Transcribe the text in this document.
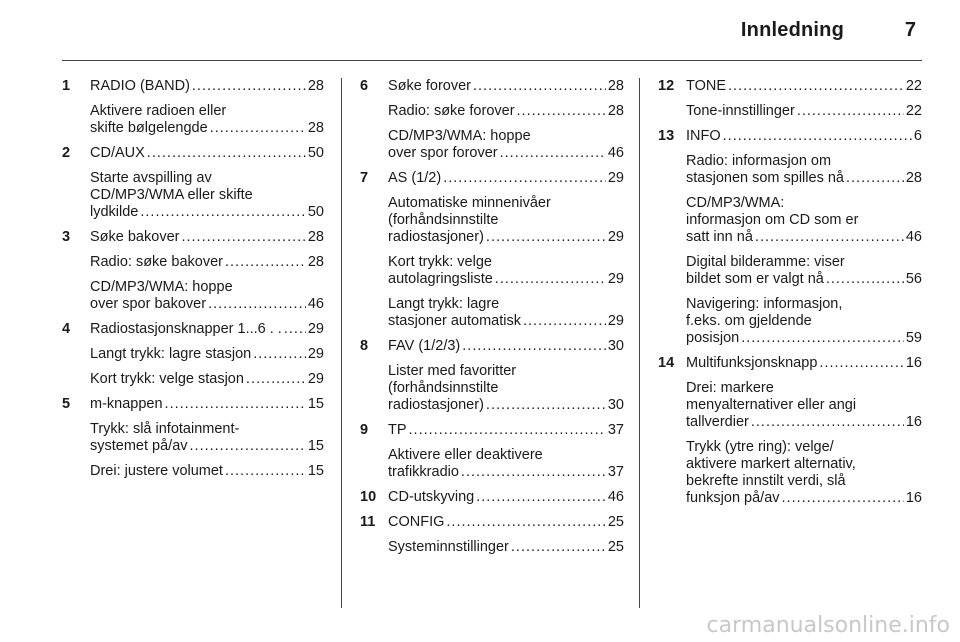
Innledning	7
1 RADIO (BAND) .....	28
Aktivere radioen eller
skifte bølgelengde .....	28
2 CD/AUX .....	50
Starte avspilling av
CD/MP3/WMA eller skifte
lydkilde .....	50
3 Søke bakover .....	28
Radio: søke bakover .....	28
CD/MP3/WMA: hoppe
over spor bakover .....	46
4 Radiostasjonsknapper 1...6 . . ..... 29
Langt trykk: lagre stasjon .....	29
Kort trykk: velge stasjon .....	29
5 m-knappen .....	15
Trykk: slå infotainment-
systemet på/av .....	15
Drei: justere volumet .....	15
6 Søke forover .....	28
Radio: søke forover .....	28
CD/MP3/WMA: hoppe
over spor forover .....	46
7 AS (1/2) .....	29
Automatiske minnenivåer
(forhåndsinnstilte
radiostasjoner) .....	29
Kort trykk: velge
autolagringsliste .....	29
Langt trykk: lagre
stasjoner automatisk .....	29
8 FAV (1/2/3) .....	30
Lister med favoritter
(forhåndsinnstilte
radiostasjoner) .....	30
9 TP .....	37
Aktivere eller deaktivere
trafikkradio .....	37
10 CD-utskyving .....	46
11 CONFIG .....	25
Systeminnstillinger .....	25
12 TONE .....	22
Tone-innstillinger .....	22
13 INFO .....	6
Radio: informasjon om
stasjonen som spilles nå .....	28
CD/MP3/WMA:
informasjon om CD som er
satt inn nå .....	46
Digital bilderamme: viser
bildet som er valgt nå .....	56
Navigering: informasjon,
f.eks. om gjeldende
posisjon .....	59
14 Multifunksjonsknapp .....	16
Drei: markere
menyalternativer eller angi
tallverdier .....	16
Trykk (ytre ring): velge/
aktivere markert alternativ,
bekrefte innstilt verdi, slå
funksjon på/av .....	16
carmanualsonline.info
